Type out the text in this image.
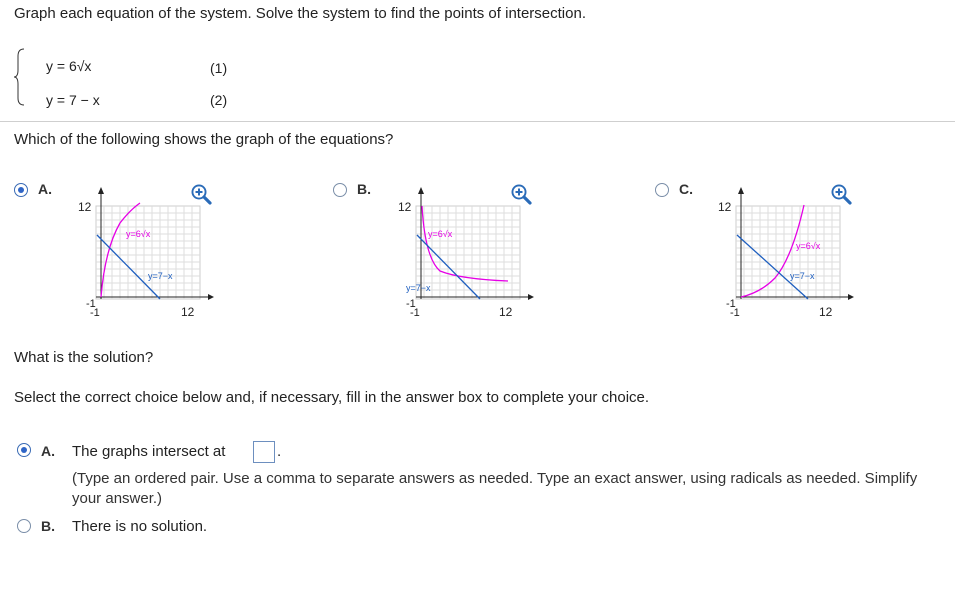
Graph each equation of the system. Solve the system to find the points of intersection.
y = 6√x	(1)
y = 7 − x	(2)
Which of the following shows the graph of the equations?
A.	B.	C.
y=6√x
y=7−x
12
12
-1
-1
y=6√x
y=7−x
12
12
-1
-1
y=6√x
y=7−x
12
12
-1
-1
What is the solution?
Select the correct choice below and, if necessary, fill in the answer box to complete your choice.
A. The graphs intersect at	.
(Type an ordered pair. Use a comma to separate answers as needed. Type an exact answer, using radicals as needed. Simplify your answer.)
B. There is no solution.
